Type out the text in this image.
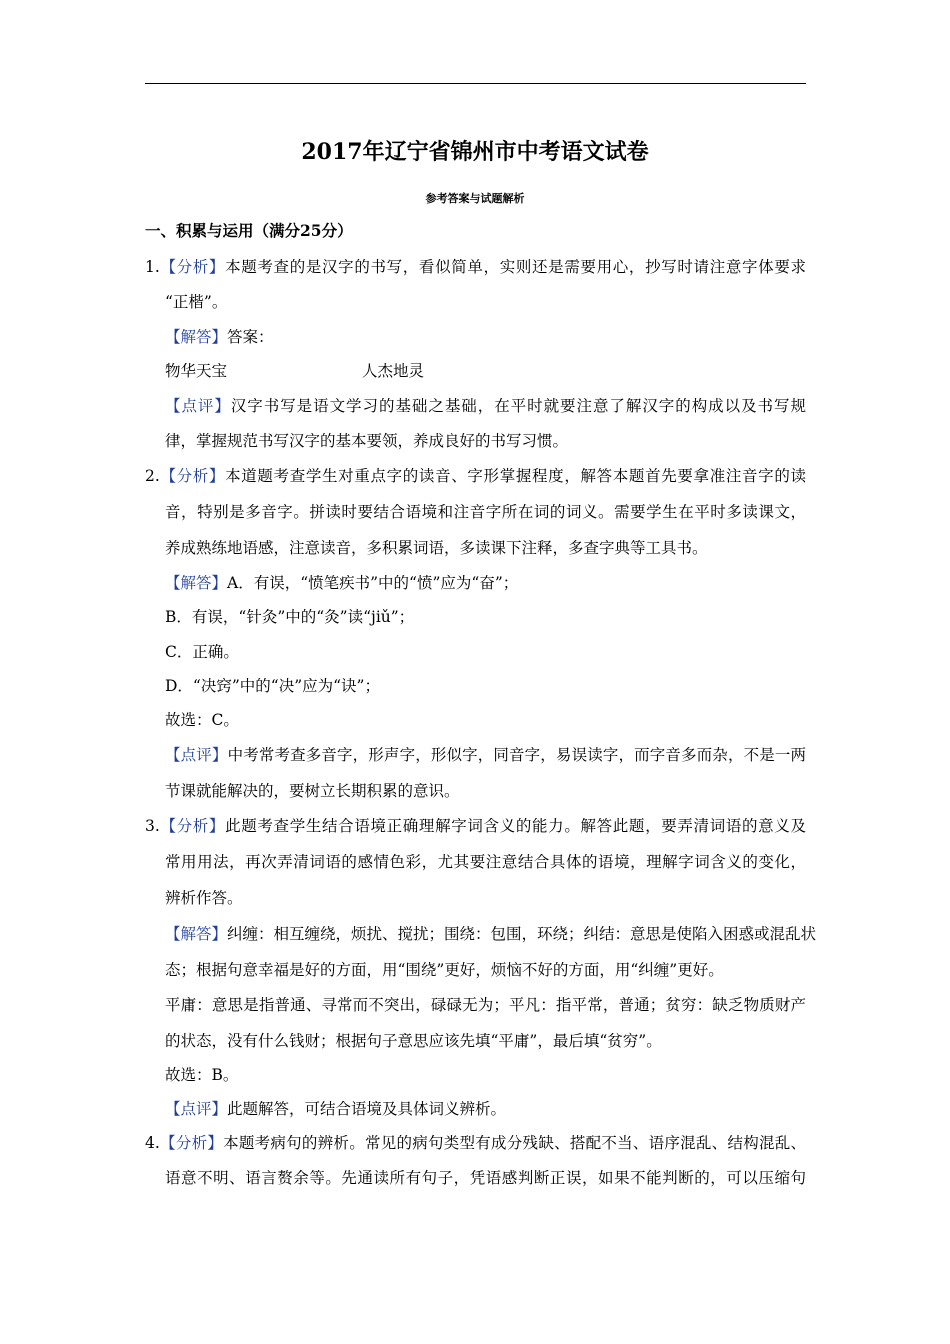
2017年辽宁省锦州市中考语文试卷
参考答案与试题解析
一、积累与运用（满分25分）
1.【分析】本题考查的是汉字的书写，看似简单，实则还是需要用心，抄写时请注意字体要求
“正楷”。
【解答】答案：
物华天宝	人杰地灵
【点评】汉字书写是语文学习的基础之基础，在平时就要注意了解汉字的构成以及书写规
律，掌握规范书写汉字的基本要领，养成良好的书写习惯。
2.【分析】本道题考查学生对重点字的读音、字形掌握程度，解答本题首先要拿准注音字的读
音，特别是多音字。拼读时要结合语境和注音字所在词的词义。需要学生在平时多读课文，
养成熟练地语感，注意读音，多积累词语，多读课下注释，多查字典等工具书。
【解答】A．有误，“愤笔疾书”中的“愤”应为“奋”；
B．有误，“针灸”中的“灸”读“jiǔ”；
C．正确。
D．“决窍”中的“决”应为“诀”；
故选：C。
【点评】中考常考查多音字，形声字，形似字，同音字，易误读字，而字音多而杂，不是一两
节课就能解决的，要树立长期积累的意识。
3.【分析】此题考查学生结合语境正确理解字词含义的能力。解答此题，要弄清词语的意义及
常用用法，再次弄清词语的感情色彩，尤其要注意结合具体的语境，理解字词含义的变化，
辨析作答。
【解答】纠缠：相互缠绕，烦扰、搅扰；围绕：包围，环绕；纠结：意思是使陷入困惑或混乱状
态；根据句意幸福是好的方面，用“围绕”更好，烦恼不好的方面，用“纠缠”更好。
平庸：意思是指普通、寻常而不突出，碌碌无为；平凡：指平常，普通；贫穷：缺乏物质财产
的状态，没有什么钱财；根据句子意思应该先填“平庸”，最后填“贫穷”。
故选：B。
【点评】此题解答，可结合语境及具体词义辨析。
4.【分析】本题考病句的辨析。常见的病句类型有成分残缺、搭配不当、语序混乱、结构混乱、
语意不明、语言赘余等。先通读所有句子，凭语感判断正误，如果不能判断的，可以压缩句
